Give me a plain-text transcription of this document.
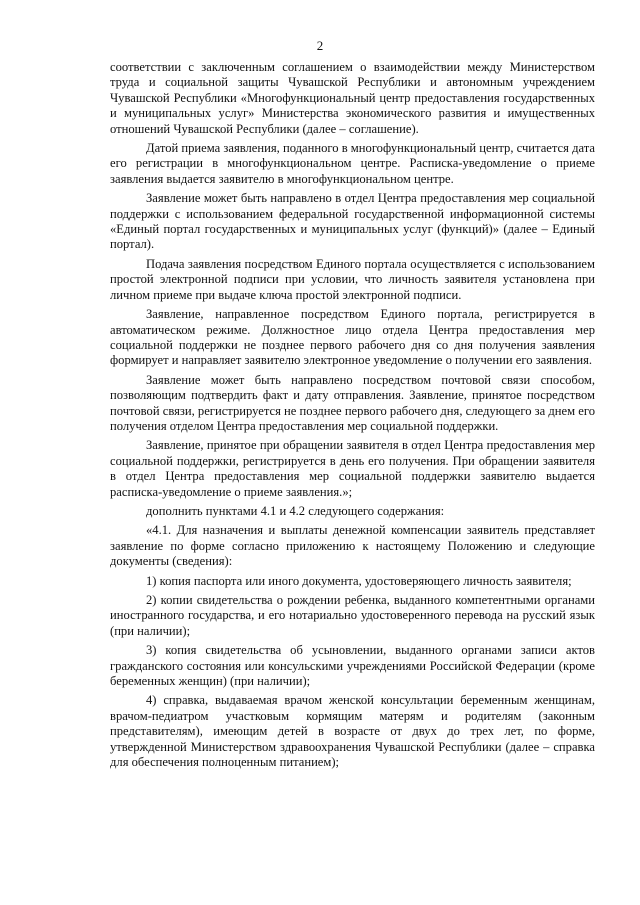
2

соответствии с заключенным соглашением о взаимодействии между Министерством труда и социальной защиты Чувашской Республики и автономным учреждением Чувашской Республики «Многофункциональный центр предоставления государственных и муниципальных услуг» Министерства экономического развития и имущественных отношений Чувашской Республики (далее – соглашение).

Датой приема заявления, поданного в многофункциональный центр, считается дата его регистрации в многофункциональном центре. Расписка-уведомление о приеме заявления выдается заявителю в многофункциональном центре.

Заявление может быть направлено в отдел Центра предоставления мер социальной поддержки с использованием федеральной государственной информационной системы «Единый портал государственных и муниципальных услуг (функций)» (далее – Единый портал).

Подача заявления посредством Единого портала осуществляется с использованием простой электронной подписи при условии, что личность заявителя установлена при личном приеме при выдаче ключа простой электронной подписи.

Заявление, направленное посредством Единого портала, регистрируется в автоматическом режиме. Должностное лицо отдела Центра предоставления мер социальной поддержки не позднее первого рабочего дня со дня получения заявления формирует и направляет заявителю электронное уведомление о получении его заявления.

Заявление может быть направлено посредством почтовой связи способом, позволяющим подтвердить факт и дату отправления. Заявление, принятое посредством почтовой связи, регистрируется не позднее первого рабочего дня, следующего за днем его получения отделом Центра предоставления мер социальной поддержки.

Заявление, принятое при обращении заявителя в отдел Центра предоставления мер социальной поддержки, регистрируется в день его получения. При обращении заявителя в отдел Центра предоставления мер социальной поддержки заявителю выдается расписка-уведомление о приеме заявления.»;

дополнить пунктами 4.1 и 4.2 следующего содержания:

«4.1. Для назначения и выплаты денежной компенсации заявитель представляет заявление по форме согласно приложению к настоящему Положению и следующие документы (сведения):

1) копия паспорта или иного документа, удостоверяющего личность заявителя;

2) копии свидетельства о рождении ребенка, выданного компетентными органами иностранного государства, и его нотариально удостоверенного перевода на русский язык (при наличии);

3) копия свидетельства об усыновлении, выданного органами записи актов гражданского состояния или консульскими учреждениями Российской Федерации (кроме беременных женщин) (при наличии);

4) справка, выдаваемая врачом женской консультации беременным женщинам, врачом-педиатром участковым кормящим матерям и родителям (законным представителям), имеющим детей в возрасте от двух до трех лет, по форме, утвержденной Министерством здравоохранения Чувашской Республики (далее – справка для обеспечения полноценным питанием);
